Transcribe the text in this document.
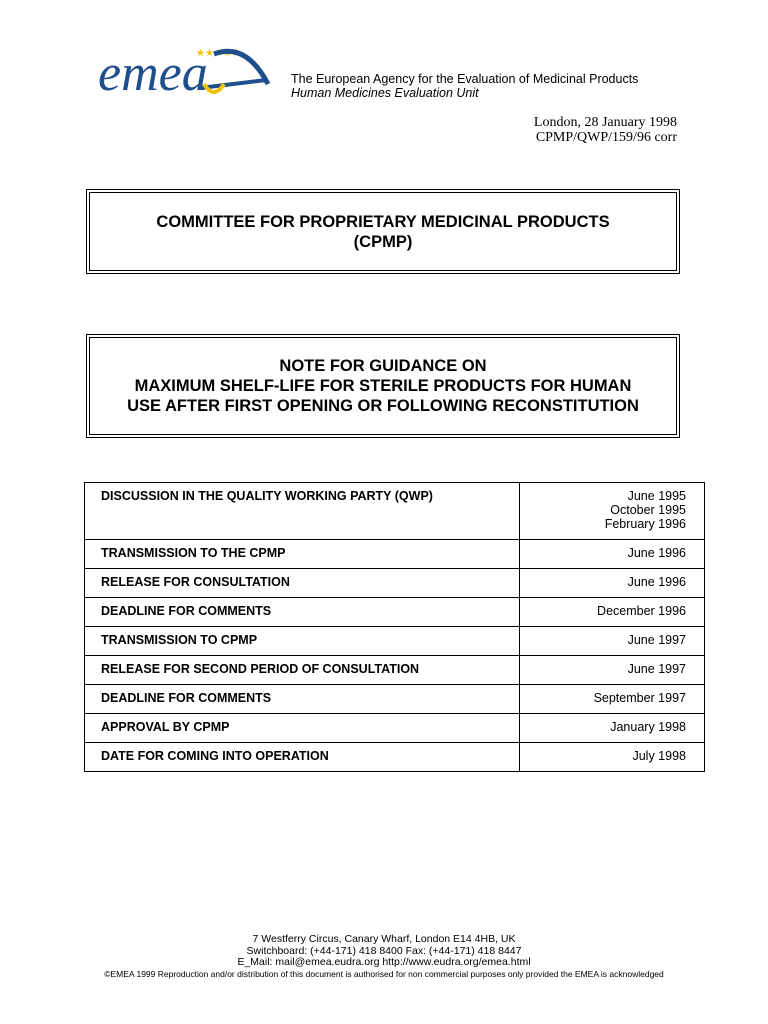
★★★★★
emea	The European Agency for the Evaluation of Medicinal Products
Human Medicines Evaluation Unit
London, 28 January 1998
CPMP/QWP/159/96 corr
COMMITTEE FOR PROPRIETARY MEDICINAL PRODUCTS
(CPMP)
NOTE FOR GUIDANCE ON
MAXIMUM SHELF-LIFE FOR STERILE PRODUCTS FOR HUMAN
USE AFTER FIRST OPENING OR FOLLOWING RECONSTITUTION
DISCUSSION IN THE QUALITY WORKING PARTY (QWP)	June 1995
October 1995
February 1996

TRANSMISSION TO THE CPMP	June 1996

RELEASE FOR CONSULTATION	June 1996

DEADLINE FOR COMMENTS	December 1996

TRANSMISSION TO CPMP	June 1997

RELEASE FOR SECOND PERIOD OF CONSULTATION	June 1997

DEADLINE FOR COMMENTS	September 1997

APPROVAL BY CPMP	January 1998

DATE FOR COMING INTO OPERATION	July 1998
7 Westferry Circus, Canary Wharf, London E14 4HB, UK
Switchboard: (+44-171) 418 8400 Fax: (+44-171) 418 8447
E_Mail: mail@emea.eudra.org http://www.eudra.org/emea.html
©EMEA 1999 Reproduction and/or distribution of this document is authorised for non commercial purposes only provided the EMEA is acknowledged
